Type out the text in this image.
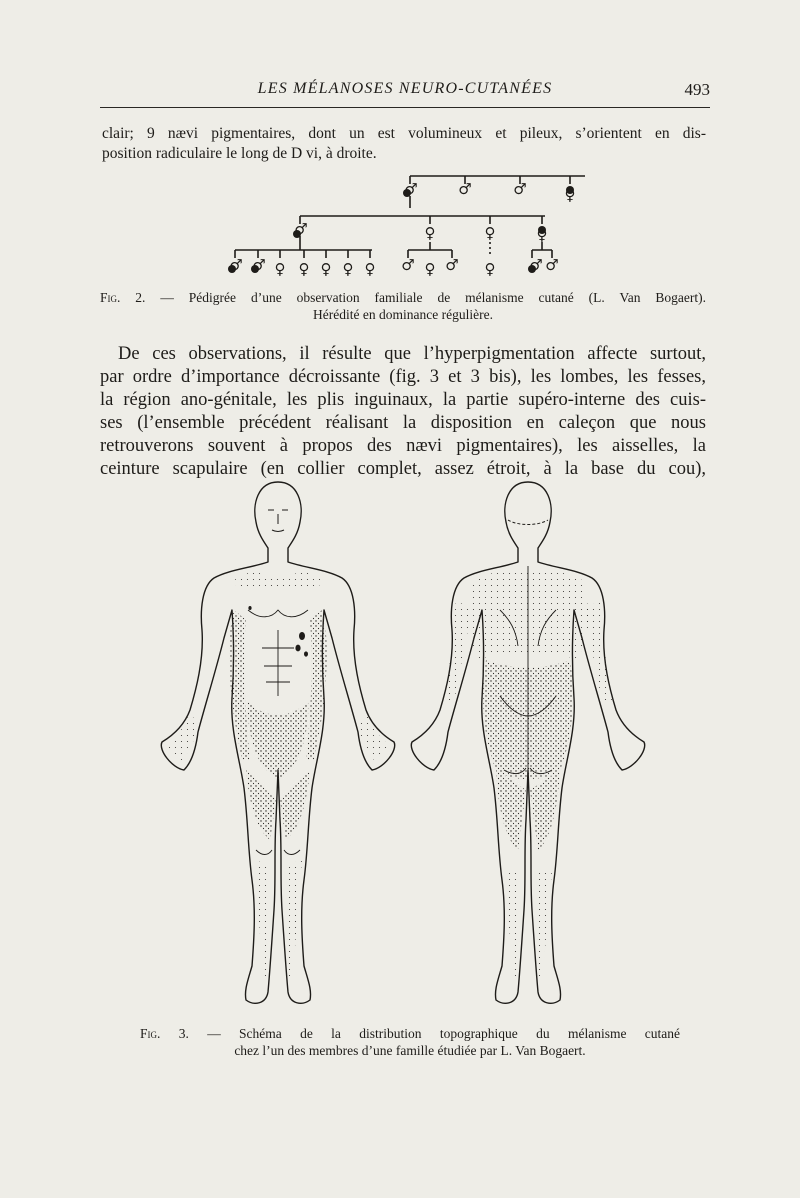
LES MÉLANOSES NEURO-CUTANÉES	493
clair; 9 nævi pigmentaires, dont un est volumineux et pileux, s’orientent en dis-
position radiculaire le long de D vi, à droite.
♂	♂	♂	♀
♂	♀	♀	♀
♂ ♂ ♀ ♀ ♀ ♀ ♀ ♂ ♀ ♂ ♀ ♂ ♂
Fig. 2. — Pédigrée d’une observation familiale de mélanisme cutané (L. Van Bogaert).
Hérédité en dominance régulière.
De ces observations, il résulte que l’hyperpigmentation affecte surtout,
par ordre d’importance décroissante (fig. 3 et 3 bis), les lombes, les fesses,
la région ano-génitale, les plis inguinaux, la partie supéro-interne des cuis-
ses (l’ensemble précédent réalisant la disposition en caleçon que nous
retrouverons souvent à propos des nævi pigmentaires), les aisselles, la
ceinture scapulaire (en collier complet, assez étroit, à la base du cou),
Fig. 3. — Schéma de la distribution topographique du mélanisme cutané
chez l’un des membres d’une famille étudiée par L. Van Bogaert.
